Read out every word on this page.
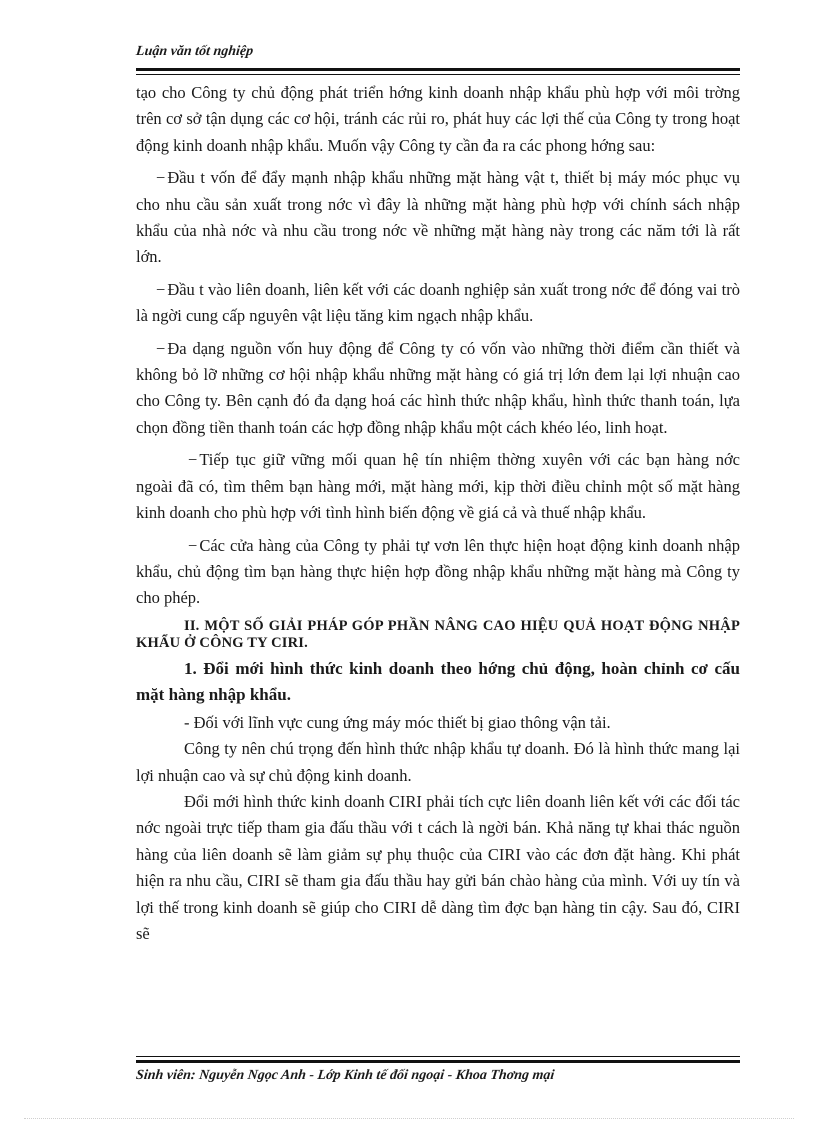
Luận văn tốt nghiệp

tạo cho Công ty chủ động phát triển hớng kinh doanh nhập khẩu phù hợp với môi trờng trên cơ sở tận dụng các cơ hội, tránh các rủi ro, phát huy các lợi thế của Công ty trong hoạt động kinh doanh nhập khẩu. Muốn vậy Công ty cần đa ra các phong hớng sau:

− Đầu t vốn để đẩy mạnh nhập khẩu những mặt hàng vật t, thiết bị máy móc phục vụ cho nhu cầu sản xuất trong nớc vì đây là những mặt hàng phù hợp với chính sách nhập khẩu của nhà nớc và nhu cầu trong nớc về những mặt hàng này trong các năm tới là rất lớn.

− Đầu t vào liên doanh, liên kết với các doanh nghiệp sản xuất trong nớc để đóng vai trò là ngời cung cấp nguyên vật liệu tăng kim ngạch nhập khẩu.

− Đa dạng nguồn vốn huy động để Công ty có vốn vào những thời điểm cần thiết và không bỏ lỡ những cơ hội nhập khẩu những mặt hàng có giá trị lớn đem lại lợi nhuận cao cho Công ty. Bên cạnh đó đa dạng hoá các hình thức nhập khẩu, hình thức thanh toán, lựa chọn đồng tiền thanh toán các hợp đồng nhập khẩu một cách khéo léo, linh hoạt.

− Tiếp tục giữ vững mối quan hệ tín nhiệm thờng xuyên với các bạn hàng nớc ngoài đã có, tìm thêm bạn hàng mới, mặt hàng mới, kịp thời điều chỉnh một số mặt hàng kinh doanh cho phù hợp với tình hình biến động về giá cả và thuế nhập khẩu.

− Các cửa hàng của Công ty phải tự vơn lên thực hiện hoạt động kinh doanh nhập khẩu, chủ động tìm bạn hàng thực hiện hợp đồng nhập khẩu những mặt hàng mà Công ty cho phép.

II. MỘT SỐ GIẢI PHÁP GÓP PHẦN NÂNG CAO HIỆU QUẢ HOẠT ĐỘNG NHẬP KHẨU Ở CÔNG TY CIRI.

1. Đổi mới hình thức kinh doanh theo hớng chủ động, hoàn chỉnh cơ cấu mặt hàng nhập khẩu.

- Đối với lĩnh vực cung ứng máy móc thiết bị giao thông vận tải.

Công ty nên chú trọng đến hình thức nhập khẩu tự doanh. Đó là hình thức mang lại lợi nhuận cao và sự chủ động kinh doanh.

Đổi mới hình thức kinh doanh CIRI phải tích cực liên doanh liên kết với các đối tác nớc ngoài trực tiếp tham gia đấu thầu với t cách là ngời bán. Khả năng tự khai thác nguồn hàng của liên doanh sẽ làm giảm sự phụ thuộc của CIRI vào các đơn đặt hàng. Khi phát hiện ra nhu cầu, CIRI sẽ tham gia đấu thầu hay gửi bán chào hàng của mình. Với uy tín và lợi thế trong kinh doanh sẽ giúp cho CIRI dễ dàng tìm đợc bạn hàng tin cậy. Sau đó, CIRI sẽ

Sinh viên: Nguyễn Ngọc Anh - Lớp Kinh tế đối ngoại - Khoa Thơng mại
